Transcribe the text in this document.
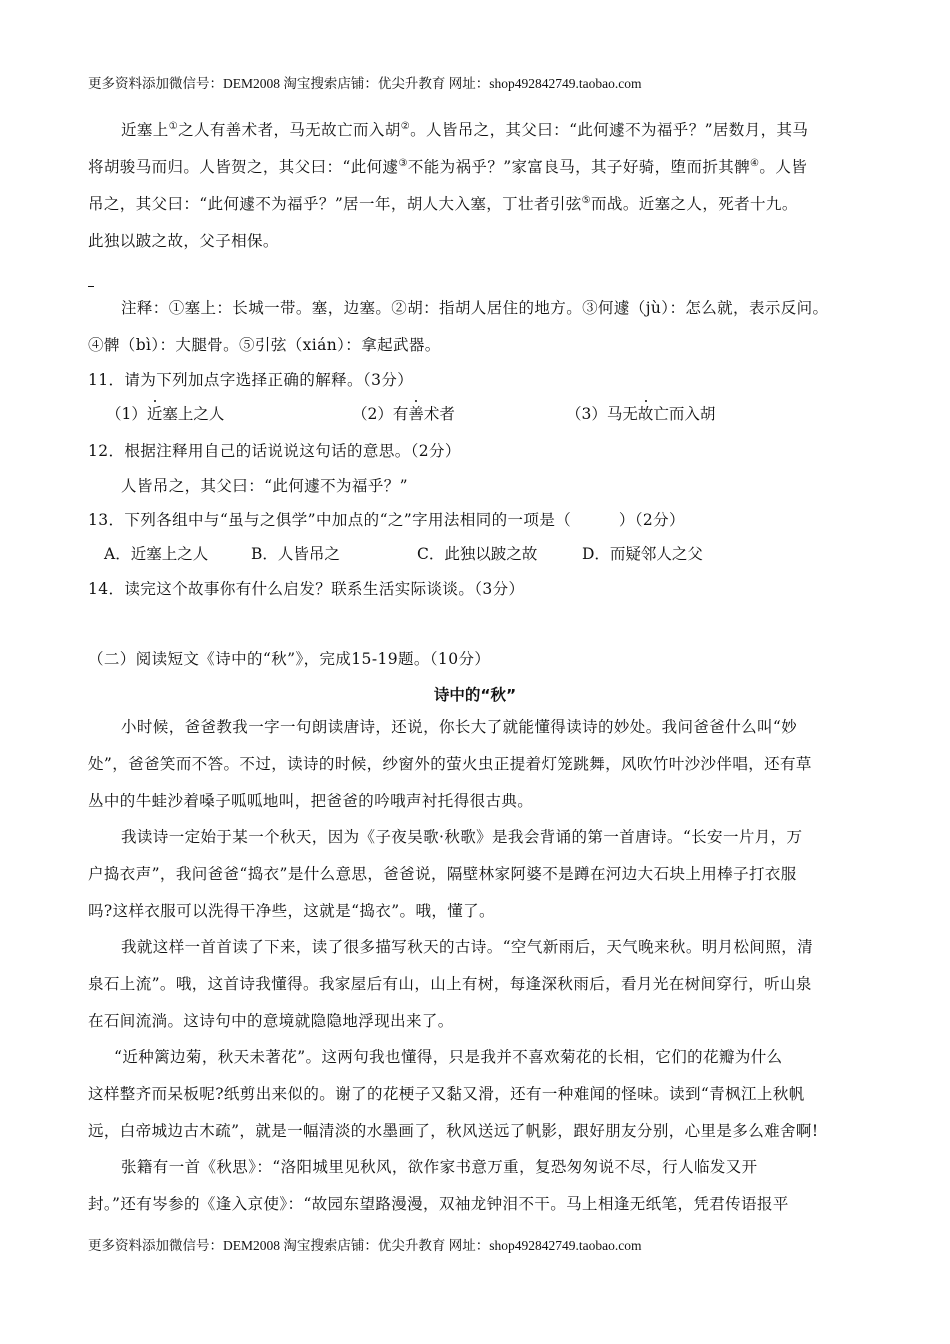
更多资料添加微信号：DEM2008 淘宝搜索店铺：优尖升教育 网址：shop492842749.taobao.com
近塞上①之人有善术者，马无故亡而入胡②。人皆吊之，其父曰：“此何遽不为福乎？”居数月，其马
将胡骏马而归。人皆贺之，其父曰：“此何遽③不能为祸乎？”家富良马，其子好骑，堕而折其髀④。人皆
吊之，其父曰：“此何遽不为福乎？”居一年，胡人大入塞，丁壮者引弦⑤而战。近塞之人，死者十九。
此独以跛之故，父子相保。
注释：①塞上：长城一带。塞，边塞。②胡：指胡人居住的地方。③何遽（jù）：怎么就，表示反问。
④髀（bì）：大腿骨。⑤引弦（xián）：拿起武器。
11．请为下列加点字选择正确的解释。（3分）
（1）近塞上之人	（2）有善术者	（3）马无故亡而入胡
12．根据注释用自己的话说说这句话的意思。（2分）
人皆吊之，其父曰：“此何遽不为福乎？”
13．下列各组中与“虽与之俱学”中加点的“之”字用法相同的一项是（　　　）（2分）
A．近塞上之人	B．人皆吊之	C．此独以跛之故	D．而疑邻人之父
14．读完这个故事你有什么启发？联系生活实际谈谈。（3分）
（二）阅读短文《诗中的“秋”》，完成15-19题。（10分）
诗中的“秋”
小时候，爸爸教我一字一句朗读唐诗，还说，你长大了就能懂得读诗的妙处。我问爸爸什么叫“妙
处”，爸爸笑而不答。不过，读诗的时候，纱窗外的萤火虫正提着灯笼跳舞，风吹竹叶沙沙伴唱，还有草
丛中的牛蛙沙着嗓子呱呱地叫，把爸爸的吟哦声衬托得很古典。
我读诗一定始于某一个秋天，因为《子夜吴歌·秋歌》是我会背诵的第一首唐诗。“长安一片月，万
户捣衣声”，我问爸爸“捣衣”是什么意思，爸爸说，隔壁林家阿婆不是蹲在河边大石块上用棒子打衣服
吗?这样衣服可以洗得干净些，这就是“捣衣”。哦，懂了。
我就这样一首首读了下来，读了很多描写秋天的古诗。“空气新雨后，天气晚来秋。明月松间照，清
泉石上流”。哦，这首诗我懂得。我家屋后有山，山上有树，每逢深秋雨后，看月光在树间穿行，听山泉
在石间流淌。这诗句中的意境就隐隐地浮现出来了。
“近种篱边菊，秋天未著花”。这两句我也懂得，只是我并不喜欢菊花的长相，它们的花瓣为什么
这样整齐而呆板呢?纸剪出来似的。谢了的花梗子又黏又滑，还有一种难闻的怪味。读到“青枫江上秋帆
远，白帝城边古木疏”，就是一幅清淡的水墨画了，秋风送远了帆影，跟好朋友分别，心里是多么难舍啊!
张籍有一首《秋思》：“洛阳城里见秋风，欲作家书意万重，复恐匆匆说不尽，行人临发又开
封。”还有岑参的《逢入京使》：“故园东望路漫漫，双袖龙钟泪不干。马上相逢无纸笔，凭君传语报平
更多资料添加微信号：DEM2008 淘宝搜索店铺：优尖升教育 网址：shop492842749.taobao.com
